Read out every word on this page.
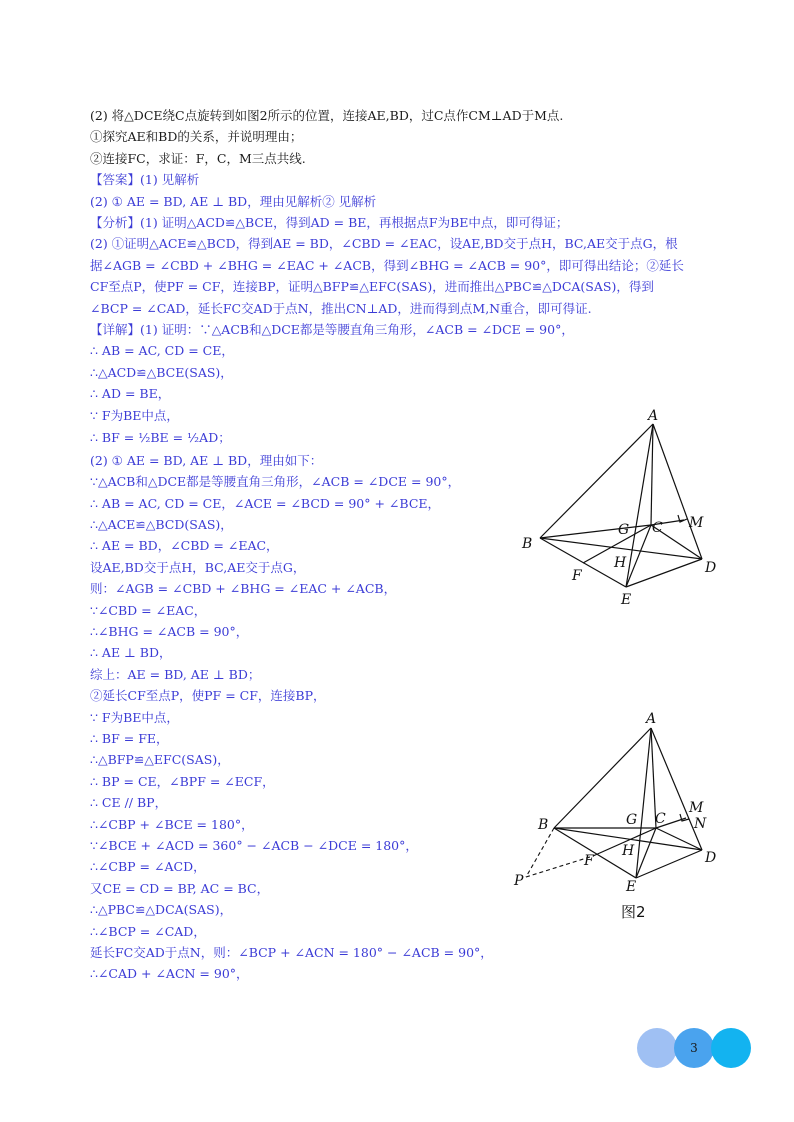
(2) 将△DCE绕C点旋转到如图2所示的位置，连接AE,BD，过C点作CM⊥AD于M点.
①探究AE和BD的关系，并说明理由；
②连接FC，求证：F，C，M三点共线.
【答案】(1) 见解析
(2) ① AE = BD, AE ⊥ BD，理由见解析② 见解析
【分析】(1) 证明△ACD≌△BCE，得到AD = BE，再根据点F为BE中点，即可得证；
(2) ①证明△ACE≌△BCD，得到AE = BD，∠CBD = ∠EAC，设AE,BD交于点H，BC,AE交于点G，根据∠AGB = ∠CBD + ∠BHG = ∠EAC + ∠ACB，得到∠BHG = ∠ACB = 90°，即可得出结论；②延长CF至点P，使PF = CF，连接BP，证明△BFP≌△EFC(SAS)，进而推出△PBC≌△DCA(SAS)，得到∠BCP = ∠CAD，延长FC交AD于点N，推出CN⊥AD，进而得到点M,N重合，即可得证.
【详解】(1) 证明：∵△ACB和△DCE都是等腰直角三角形，∠ACB = ∠DCE = 90°，
∴ AB = AC, CD = CE，
∴△ACD≌△BCE(SAS)，
∴ AD = BE，
∵ F为BE中点，
∴ BF = ½BE = ½AD；
(2) ① AE = BD, AE ⊥ BD，理由如下：
∵△ACB和△DCE都是等腰直角三角形，∠ACB = ∠DCE = 90°，
∴ AB = AC, CD = CE，∠ACE = ∠BCD = 90° + ∠BCE，
∴△ACE≌△BCD(SAS)，
∴ AE = BD，∠CBD = ∠EAC，
设AE,BD交于点H，BC,AE交于点G，
则：∠AGB = ∠CBD + ∠BHG = ∠EAC + ∠ACB，
∵∠CBD = ∠EAC，
∴∠BHG = ∠ACB = 90°，
∴ AE ⊥ BD，
综上：AE = BD, AE ⊥ BD；
②延长CF至点P，使PF = CF，连接BP，
∵ F为BE中点，
∴ BF = FE，
∴△BFP≌△EFC(SAS)，
∴ BP = CE，∠BPF = ∠ECF，
∴ CE // BP，
∴∠CBP + ∠BCE = 180°，
∵∠BCE + ∠ACD = 360° − ∠ACB − ∠DCE = 180°，
∴∠CBP = ∠ACD，
又CE = CD = BP, AC = BC，
∴△PBC≌△DCA(SAS)，
∴∠BCP = ∠CAD，
延长FC交AD于点N，则：∠BCP + ∠ACN = 180° − ∠ACB = 90°，
∴∠CAD + ∠ACN = 90°，
A
B
C
D
E
F
G
H
M
A
B	C
D
E
F
G
H
M
N
P
图2
3
